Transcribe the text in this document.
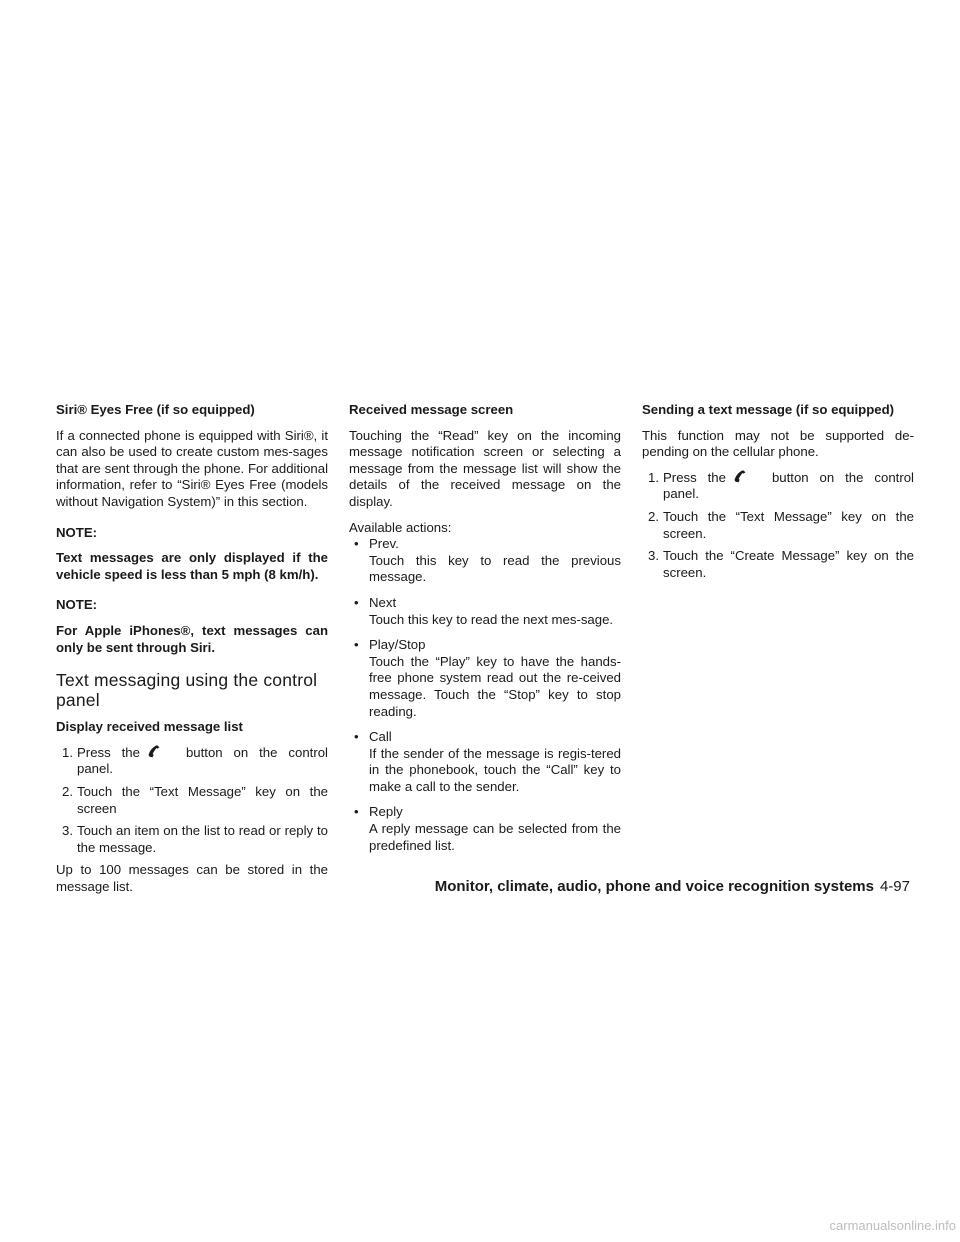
Siri® Eyes Free (if so equipped)

If a connected phone is equipped with Siri®, it can also be used to create custom mes-sages that are sent through the phone. For additional information, refer to “Siri® Eyes Free (models without Navigation System)” in this section.

NOTE:
Text messages are only displayed if the vehicle speed is less than 5 mph (8 km/h).
NOTE:
For Apple iPhones®, text messages can only be sent through Siri.
Text messaging using the control panel
Display received message list
1. Press the	button on the control panel.
2. Touch the “Text Message” key on the screen
3. Touch an item on the list to read or reply to the message.

Up to 100 messages can be stored in the message list.

Received message screen

Touching the “Read” key on the incoming message notification screen or selecting a message from the message list will show the details of the received message on the display.

Available actions:

• Prev.
Touch this key to read the previous message.
• Next
Touch this key to read the next mes-sage.
• Play/Stop
Touch the “Play” key to have the hands-free phone system read out the re-ceived message. Touch the “Stop” key to stop reading.
• Call
If the sender of the message is regis-tered in the phonebook, touch the “Call” key to make a call to the sender.
• Reply
A reply message can be selected from the predefined list.
Sending a text message (if so equipped)

This function may not be supported de-pending on the cellular phone.

1. Press the	button on the control panel.
2. Touch the “Text Message” key on the screen.
3. Touch the “Create Message” key on the screen.
Monitor, climate, audio, phone and voice recognition systems 4-97
carmanualsonline.info
